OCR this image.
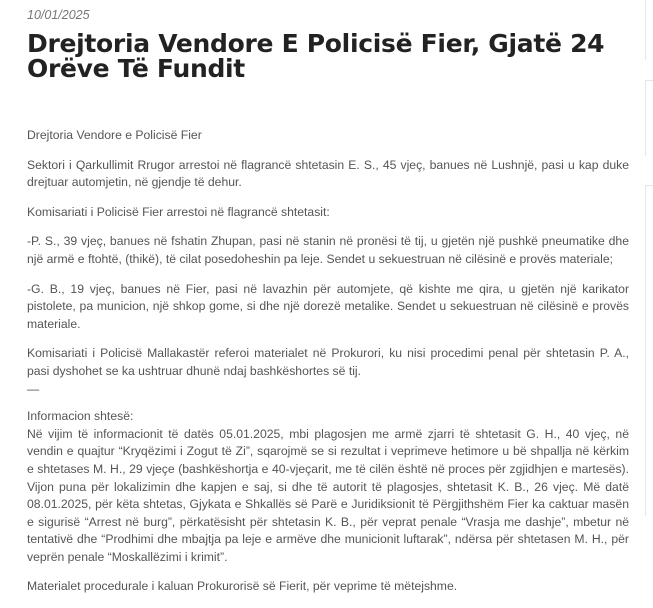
10/01/2025
Drejtoria Vendore E Policisë Fier, Gjatë 24 Orëve Të Fundit

Drejtoria Vendore e Policisë Fier

Sektori i Qarkullimit Rrugor arrestoi në flagrancë shtetasin E. S., 45 vjeç, banues në Lushnjë, pasi u kap duke drejtuar automjetin, në gjendje të dehur.

Komisariati i Policisë Fier arrestoi në flagrancë shtetasit:

-P. S., 39 vjeç, banues në fshatin Zhupan, pasi në stanin në pronësi të tij, u gjetën një pushkë pneumatike dhe një armë e ftohtë, (thikë), të cilat posedoheshin pa leje. Sendet u sekuestruan në cilësinë e provës materiale;

-G. B., 19 vjeç, banues në Fier, pasi në lavazhin për automjete, që kishte me qira, u gjetën një karikator pistolete, pa municion, një shkop gome, si dhe një dorezë metalike. Sendet u sekuestruan në cilësinë e provës materiale.

Komisariati i Policisë Mallakastër referoi materialet në Prokurori, ku nisi procedimi penal për shtetasin P. A., pasi dyshohet se ka ushtruar dhunë ndaj bashkëshortes së tij.

—

Informacion shtesë:

Në vijim të informacionit të datës 05.01.2025, mbi plagosjen me armë zjarri të shtetasit G. H., 40 vjeç, në vendin e quajtur “Kryqëzimi i Zogut të Zi”, sqarojmë se si rezultat i veprimeve hetimore u bë shpallja në kërkim e shtetases M. H., 29 vjeçe (bashkëshortja e 40-vjeçarit, me të cilën është në proces për zgjidhjen e martesës). Vijon puna për lokalizimin dhe kapjen e saj, si dhe të autorit të plagosjes, shtetasit K. B., 26 vjeç. Më datë 08.01.2025, për këta shtetas, Gjykata e Shkallës së Parë e Juridiksionit të Përgjithshëm Fier ka caktuar masën e sigurisë “Arrest në burg”, përkatësisht për shtetasin K. B., për veprat penale “Vrasja me dashje”, mbetur në tentativë dhe “Prodhimi dhe mbajtja pa leje e armëve dhe municionit luftarak”, ndërsa për shtetasen M. H., për veprën penale “Moskallëzimi i krimit”.

Materialet procedurale i kaluan Prokurorisë së Fierit, për veprime të mëtejshme.
